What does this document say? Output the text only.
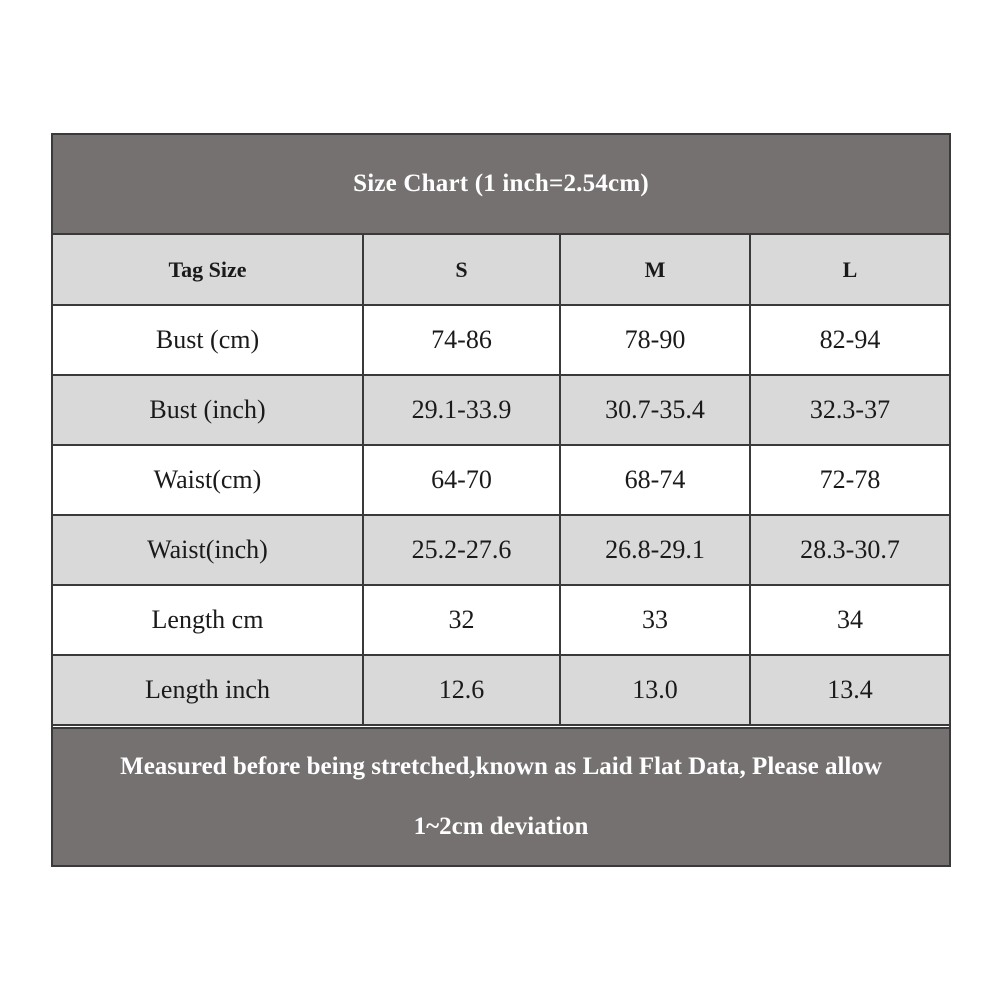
Size Chart (1 inch=2.54cm)
Tag Size	S	M	L
Bust (cm)	74-86	78-90	82-94
Bust (inch)	29.1-33.9	30.7-35.4	32.3-37
Waist(cm)	64-70	68-74	72-78
Waist(inch)	25.2-27.6	26.8-29.1	28.3-30.7
Length cm	32	33	34
Length inch	12.6	13.0	13.4
Measured before being stretched,known as Laid Flat Data, Please allow
1~2cm deviation
